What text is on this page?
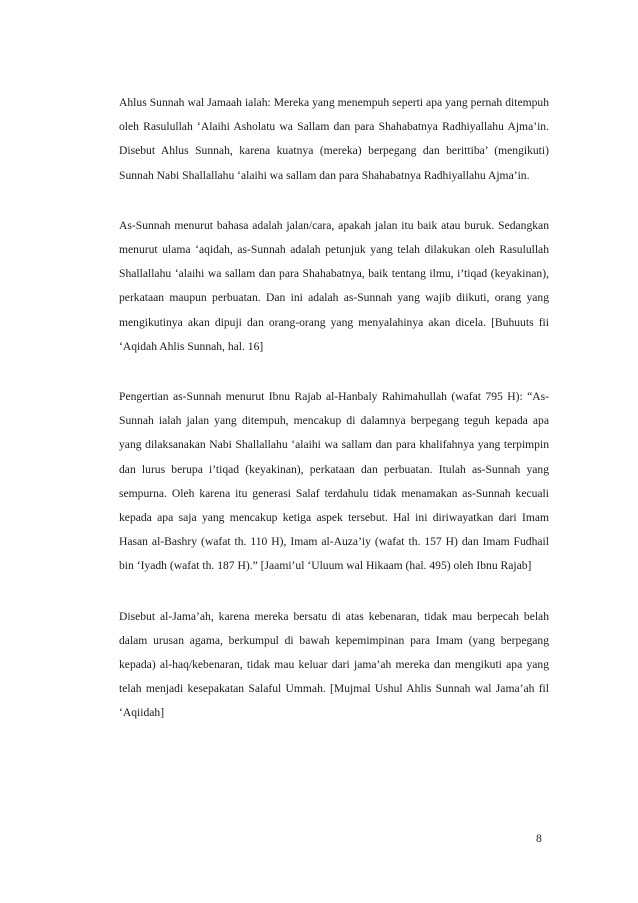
Ahlus Sunnah wal Jamaah ialah: Mereka yang menempuh seperti apa yang pernah ditempuh oleh Rasulullah ‘Alaihi Asholatu wa Sallam dan para Shahabatnya Radhiyallahu Ajma’in. Disebut Ahlus Sunnah, karena kuatnya (mereka) berpegang dan berittiba’ (mengikuti) Sunnah Nabi Shallallahu ‘alaihi wa sallam dan para Shahabatnya Radhiyallahu Ajma’in.

As-Sunnah menurut bahasa adalah jalan/cara, apakah jalan itu baik atau buruk. Sedangkan menurut ulama ‘aqidah, as-Sunnah adalah petunjuk yang telah dilakukan oleh Rasulullah Shallallahu ‘alaihi wa sallam dan para Shahabatnya, baik tentang ilmu, i’tiqad (keyakinan), perkataan maupun perbuatan. Dan ini adalah as-Sunnah yang wajib diikuti, orang yang mengikutinya akan dipuji dan orang-orang yang menyalahinya akan dicela. [Buhuuts fii ‘Aqidah Ahlis Sunnah, hal. 16]

Pengertian as-Sunnah menurut Ibnu Rajab al-Hanbaly Rahimahullah (wafat 795 H): “As-Sunnah ialah jalan yang ditempuh, mencakup di dalamnya berpegang teguh kepada apa yang dilaksanakan Nabi Shallallahu ‘alaihi wa sallam dan para khalifahnya yang terpimpin dan lurus berupa i’tiqad (keyakinan), perkataan dan perbuatan. Itulah as-Sunnah yang sempurna. Oleh karena itu generasi Salaf terdahulu tidak menamakan as-Sunnah kecuali kepada apa saja yang mencakup ketiga aspek tersebut. Hal ini diriwayatkan dari Imam Hasan al-Bashry (wafat th. 110 H), Imam al-Auza’iy (wafat th. 157 H) dan Imam Fudhail bin ‘Iyadh (wafat th. 187 H).” [Jaami’ul ‘Uluum wal Hikaam (hal. 495) oleh Ibnu Rajab]

Disebut al-Jama’ah, karena mereka bersatu di atas kebenaran, tidak mau berpecah belah dalam urusan agama, berkumpul di bawah kepemimpinan para Imam (yang berpegang kepada) al-haq/kebenaran, tidak mau keluar dari jama’ah mereka dan mengikuti apa yang telah menjadi kesepakatan Salaful Ummah. [Mujmal Ushul Ahlis Sunnah wal Jama’ah fil ‘Aqiidah]

8
